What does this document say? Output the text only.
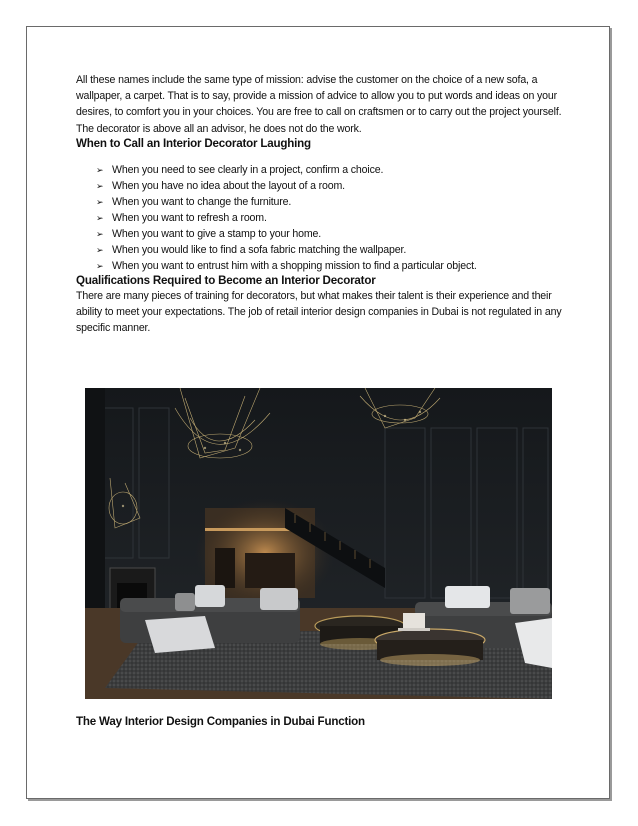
All these names include the same type of mission: advise the customer on the choice of a new sofa, a wallpaper, a carpet. That is to say, provide a mission of advice to allow you to put words and ideas on your desires, to comfort you in your choices. You are free to call on craftsmen or to carry out the project yourself. The decorator is above all an advisor, he does not do the work.

When to Call an Interior Decorator Laughing
➢ When you need to see clearly in a project, confirm a choice.
➢ When you have no idea about the layout of a room.
➢ When you want to change the furniture.
➢ When you want to refresh a room.
➢ When you want to give a stamp to your home.
➢ When you would like to find a sofa fabric matching the wallpaper.
➢ When you want to entrust him with a shopping mission to find a particular object.
Qualifications Required to Become an Interior Decorator

There are many pieces of training for decorators, but what makes their talent is their experience and their ability to meet your expectations. The job of retail interior design companies in Dubai is not regulated in any specific manner.

The Way Interior Design Companies in Dubai Function
